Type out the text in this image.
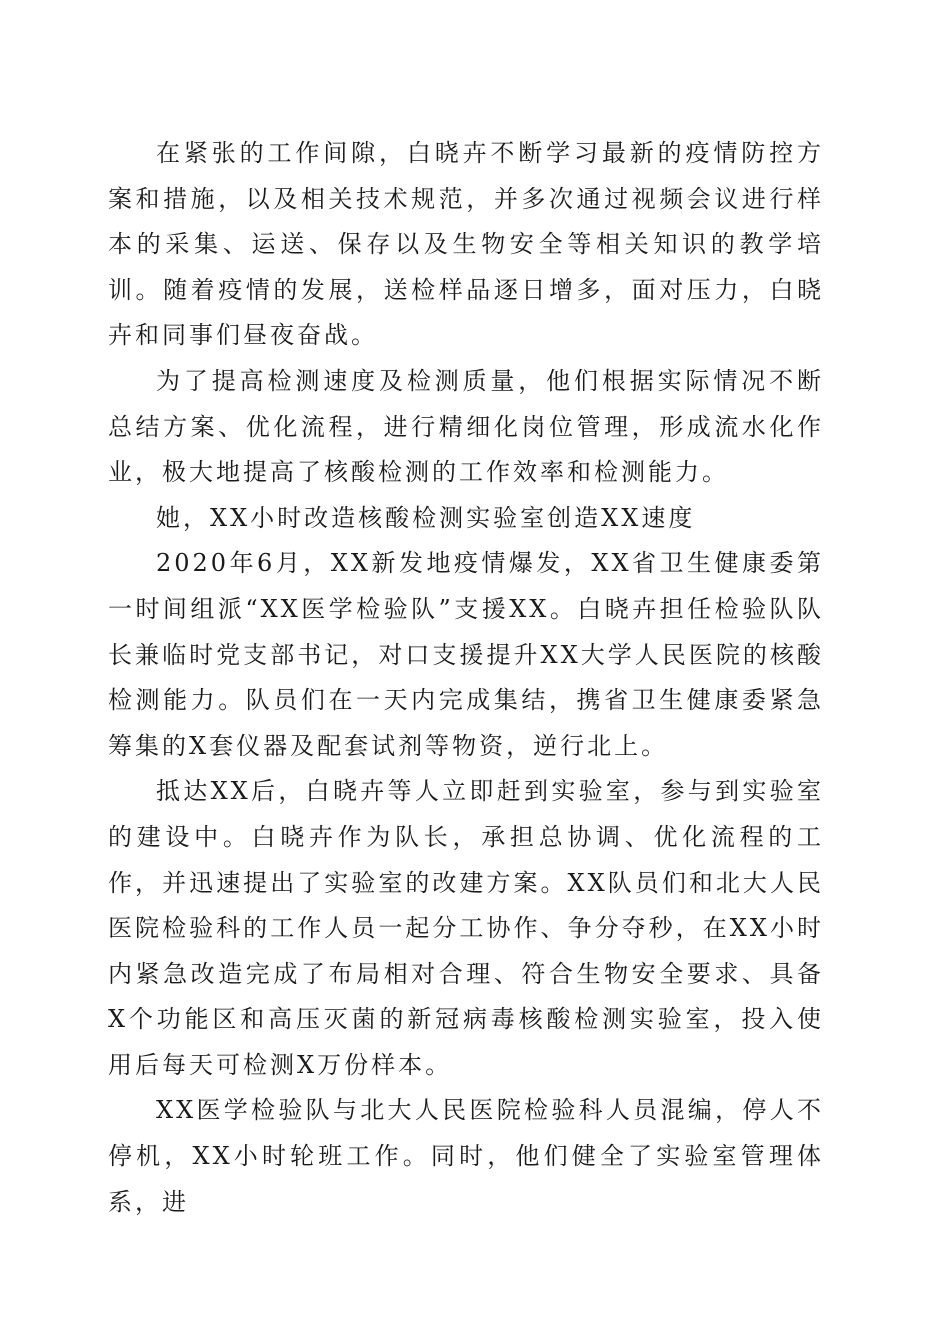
在紧张的工作间隙，白晓卉不断学习最新的疫情防控方案和措施，以及相关技术规范，并多次通过视频会议进行样本的采集、运送、保存以及生物安全等相关知识的教学培训。随着疫情的发展，送检样品逐日增多，面对压力，白晓卉和同事们昼夜奋战。

为了提高检测速度及检测质量，他们根据实际情况不断总结方案、优化流程，进行精细化岗位管理，形成流水化作业，极大地提高了核酸检测的工作效率和检测能力。

她，XX小时改造核酸检测实验室创造XX速度

2020年6月，XX新发地疫情爆发，XX省卫生健康委第一时间组派“XX医学检验队”支援XX。白晓卉担任检验队队长兼临时党支部书记，对口支援提升XX大学人民医院的核酸检测能力。队员们在一天内完成集结，携省卫生健康委紧急筹集的X套仪器及配套试剂等物资，逆行北上。

抵达XX后，白晓卉等人立即赶到实验室，参与到实验室的建设中。白晓卉作为队长，承担总协调、优化流程的工作，并迅速提出了实验室的改建方案。XX队员们和北大人民医院检验科的工作人员一起分工协作、争分夺秒，在XX小时内紧急改造完成了布局相对合理、符合生物安全要求、具备X个功能区和高压灭菌的新冠病毒核酸检测实验室，投入使用后每天可检测X万份样本。

XX医学检验队与北大人民医院检验科人员混编，停人不停机，XX小时轮班工作。同时，他们健全了实验室管理体系，进
